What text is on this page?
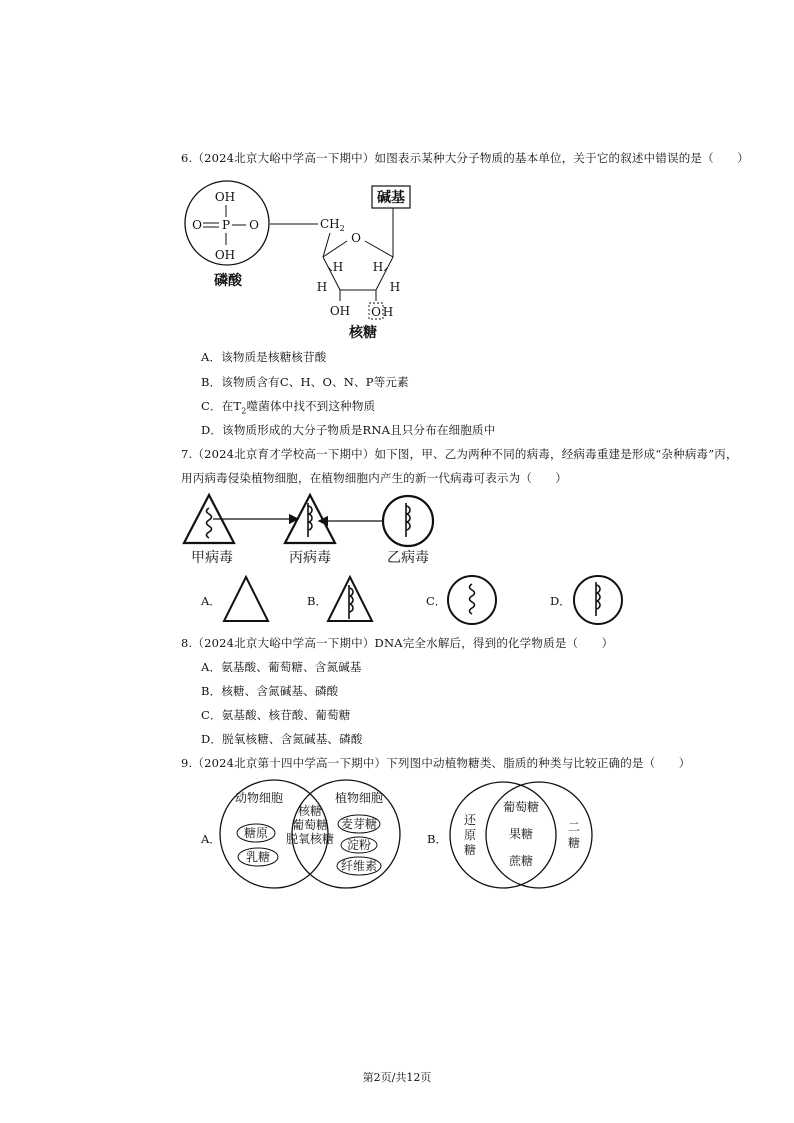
6.（2024北京大峪中学高一下期中）如图表示某种大分子物质的基本单位，关于它的叙述中错误的是（　　）
OH
O P O
OH
磷酸
$CH_2$
O
碱基
H H
H	H
OH O H
核糖
A．该物质是核糖核苷酸
B．该物质含有C、H、O、N、P等元素
C．在$T_2$噬菌体中找不到这种物质
D．该物质形成的大分子物质是RNA且只分布在细胞质中
7.（2024北京育才学校高一下期中）如下图，甲、乙为两种不同的病毒，经病毒重建是形成“杂种病毒”丙，
用丙病毒侵染植物细胞，在植物细胞内产生的新一代病毒可表示为（　　）
甲病毒	丙病毒	乙病毒
A．	B．	C．	D．
8.（2024北京大峪中学高一下期中）DNA完全水解后，得到的化学物质是（　　）
A．氨基酸、葡萄糖、含氮碱基
B．核糖、含氮碱基、磷酸
C．氨基酸、核苷酸、葡萄糖
D．脱氧核糖、含氮碱基、磷酸
9.（2024北京第十四中学高一下期中）下列图中动植物糖类、脂质的种类与比较正确的是（　　）
A．
动物细胞	植物细胞
核糖
葡萄糖
脱氧核糖
糖原
乳糖
麦芽糖
淀粉
纤维素
B．
还
原
糖
葡萄糖
果糖
蔗糖
二
糖
第2页/共12页
